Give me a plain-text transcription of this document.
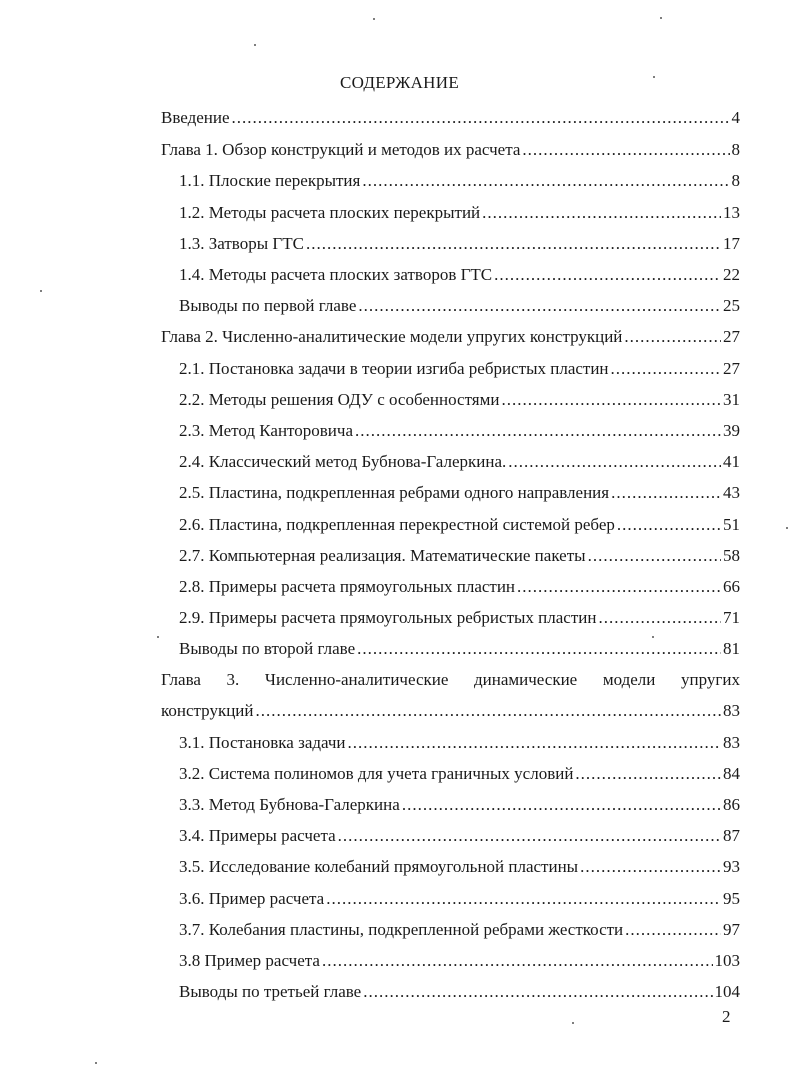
СОДЕРЖАНИЕ
Введение .....	4
Глава 1. Обзор конструкций и методов их расчета .....	8
1.1. Плоские перекрытия .....	8
1.2. Методы расчета плоских перекрытий .....	13
1.3. Затворы ГТС .....	17
1.4. Методы расчета плоских затворов ГТС .....	22
Выводы по первой главе .....	25
Глава 2. Численно-аналитические модели упругих конструкций .....	27
2.1. Постановка задачи в теории изгиба ребристых пластин .....	27
2.2. Методы решения ОДУ с особенностями .....	31
2.3. Метод Канторовича .....	39
2.4. Классический метод Бубнова-Галеркина. .....	41
2.5. Пластина, подкрепленная ребрами одного направления .....	43
2.6. Пластина, подкрепленная перекрестной системой ребер .....	51
2.7. Компьютерная реализация. Математические пакеты .....	58
2.8. Примеры расчета прямоугольных пластин .....	66
2.9. Примеры расчета прямоугольных ребристых пластин .....	71
Выводы по второй главе .....	81
Глава 3. Численно-аналитические динамические модели упругих
конструкций .....	83
3.1. Постановка задачи .....	83
3.2. Система полиномов для учета граничных условий .....	84
3.3. Метод Бубнова-Галеркина .....	86
3.4. Примеры расчета .....	87
3.5. Исследование колебаний прямоугольной пластины .....	93
3.6. Пример расчета .....	95
3.7. Колебания пластины, подкрепленной ребрами жесткости .....	97
3.8 Пример расчета .....	103
Выводы по третьей главе .....	104
2
